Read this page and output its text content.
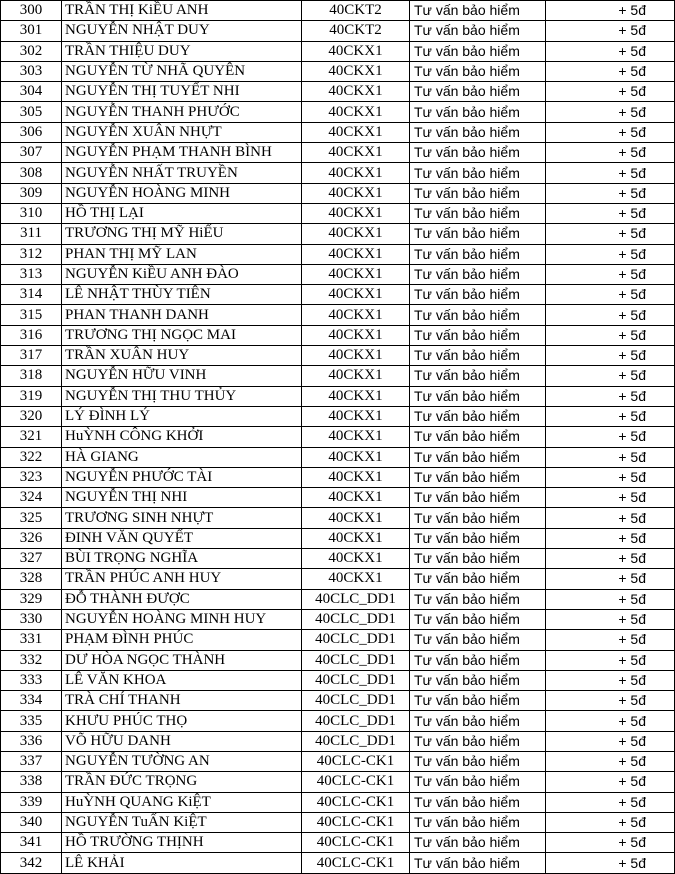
300	TRẦN THỊ KiỀU ANH	40CKT2	Tư vấn bảo hiểm	+ 5đ
301	NGUYỄN NHẬT DUY	40CKT2	Tư vấn bảo hiểm	+ 5đ
302	TRẦN THIỆU DUY	40CKX1	Tư vấn bảo hiểm	+ 5đ
303	NGUYỄN TỪ NHÃ QUYÊN	40CKX1	Tư vấn bảo hiểm	+ 5đ
304	NGUYỄN THỊ TUYẾT NHI	40CKX1	Tư vấn bảo hiểm	+ 5đ
305	NGUYỄN THANH PHƯỚC	40CKX1	Tư vấn bảo hiểm	+ 5đ
306	NGUYỄN XUÂN NHỰT	40CKX1	Tư vấn bảo hiểm	+ 5đ
307	NGUYỄN PHẠM THANH BÌNH	40CKX1	Tư vấn bảo hiểm	+ 5đ
308	NGUYỄN NHẤT TRUYỀN	40CKX1	Tư vấn bảo hiểm	+ 5đ
309	NGUYỄN HOÀNG MINH	40CKX1	Tư vấn bảo hiểm	+ 5đ
310	HỒ THỊ LẠI	40CKX1	Tư vấn bảo hiểm	+ 5đ
311	TRƯƠNG THỊ MỸ HiẾU	40CKX1	Tư vấn bảo hiểm	+ 5đ
312	PHAN THỊ MỸ LAN	40CKX1	Tư vấn bảo hiểm	+ 5đ
313	NGUYỄN KiỀU ANH ĐÀO	40CKX1	Tư vấn bảo hiểm	+ 5đ
314	LÊ NHẬT THÙY TIÊN	40CKX1	Tư vấn bảo hiểm	+ 5đ
315	PHAN THANH DANH	40CKX1	Tư vấn bảo hiểm	+ 5đ
316	TRƯƠNG THỊ NGỌC MAI	40CKX1	Tư vấn bảo hiểm	+ 5đ
317	TRẦN XUÂN HUY	40CKX1	Tư vấn bảo hiểm	+ 5đ
318	NGUYỄN HỮU VINH	40CKX1	Tư vấn bảo hiểm	+ 5đ
319	NGUYỄN THỊ THU THỦY	40CKX1	Tư vấn bảo hiểm	+ 5đ
320	LÝ ĐÌNH LÝ	40CKX1	Tư vấn bảo hiểm	+ 5đ
321	HuỲNH CÔNG KHỞI	40CKX1	Tư vấn bảo hiểm	+ 5đ
322	HÀ GIANG	40CKX1	Tư vấn bảo hiểm	+ 5đ
323	NGUYỄN PHƯỚC TÀI	40CKX1	Tư vấn bảo hiểm	+ 5đ
324	NGUYỄN THỊ NHI	40CKX1	Tư vấn bảo hiểm	+ 5đ
325	TRƯƠNG SINH NHỰT	40CKX1	Tư vấn bảo hiểm	+ 5đ
326	ĐINH VĂN QUYẾT	40CKX1	Tư vấn bảo hiểm	+ 5đ
327	BÙI TRỌNG NGHĨA	40CKX1	Tư vấn bảo hiểm	+ 5đ
328	TRẦN PHÚC ANH HUY	40CKX1	Tư vấn bảo hiểm	+ 5đ
329	ĐỖ THÀNH ĐƯỢC	40CLC_DD1	Tư vấn bảo hiểm	+ 5đ
330	NGUYỄN HOÀNG MINH HUY	40CLC_DD1	Tư vấn bảo hiểm	+ 5đ
331	PHẠM ĐÌNH PHÚC	40CLC_DD1	Tư vấn bảo hiểm	+ 5đ
332	DƯ HÒA NGỌC THÀNH	40CLC_DD1	Tư vấn bảo hiểm	+ 5đ
333	LÊ VĂN KHOA	40CLC_DD1	Tư vấn bảo hiểm	+ 5đ
334	TRÀ CHÍ THANH	40CLC_DD1	Tư vấn bảo hiểm	+ 5đ
335	KHƯU PHÚC THỌ	40CLC_DD1	Tư vấn bảo hiểm	+ 5đ
336	VÕ HỮU DANH	40CLC_DD1	Tư vấn bảo hiểm	+ 5đ
337	NGUYỄN TƯỜNG AN	40CLC-CK1	Tư vấn bảo hiểm	+ 5đ
338	TRẦN ĐỨC TRỌNG	40CLC-CK1	Tư vấn bảo hiểm	+ 5đ
339	HuỲNH QUANG KiỆT	40CLC-CK1	Tư vấn bảo hiểm	+ 5đ
340	NGUYỄN TuẤN KiỆT	40CLC-CK1	Tư vấn bảo hiểm	+ 5đ
341	HỒ TRƯỜNG THỊNH	40CLC-CK1	Tư vấn bảo hiểm	+ 5đ
342	LÊ KHẢI	40CLC-CK1	Tư vấn bảo hiểm	+ 5đ
